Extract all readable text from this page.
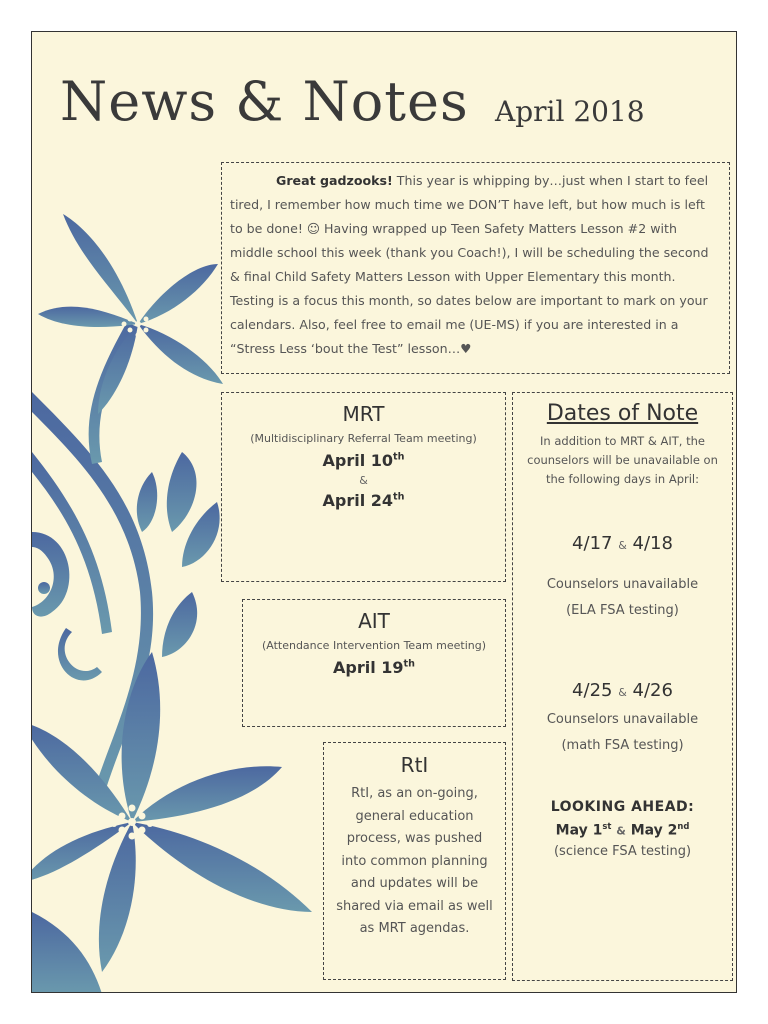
News & Notes April 2018
Great gadzooks! This year is whipping by…just when I start to feel tired, I remember how much time we DON’T have left, but how much is left to be done! ☺ Having wrapped up Teen Safety Matters Lesson #2 with middle school this week (thank you Coach!), I will be scheduling the second & final Child Safety Matters Lesson with Upper Elementary this month. Testing is a focus this month, so dates below are important to mark on your calendars. Also, feel free to email me (UE-MS) if you are interested in a “Stress Less ‘bout the Test” lesson…♥
MRT
(Multidisciplinary Referral Team meeting)
April 10th
&
April 24th
AIT
(Attendance Intervention Team meeting)
April 19th
RtI
RtI, as an on-going, general education process, was pushed into common planning and updates will be shared via email as well as MRT agendas.
Dates of Note
In addition to MRT & AIT, the counselors will be unavailable on the following days in April:
4/17 & 4/18
Counselors unavailable
(ELA FSA testing)
4/25 & 4/26
Counselors unavailable
(math FSA testing)
LOOKING AHEAD:
May 1st & May 2nd
(science FSA testing)
